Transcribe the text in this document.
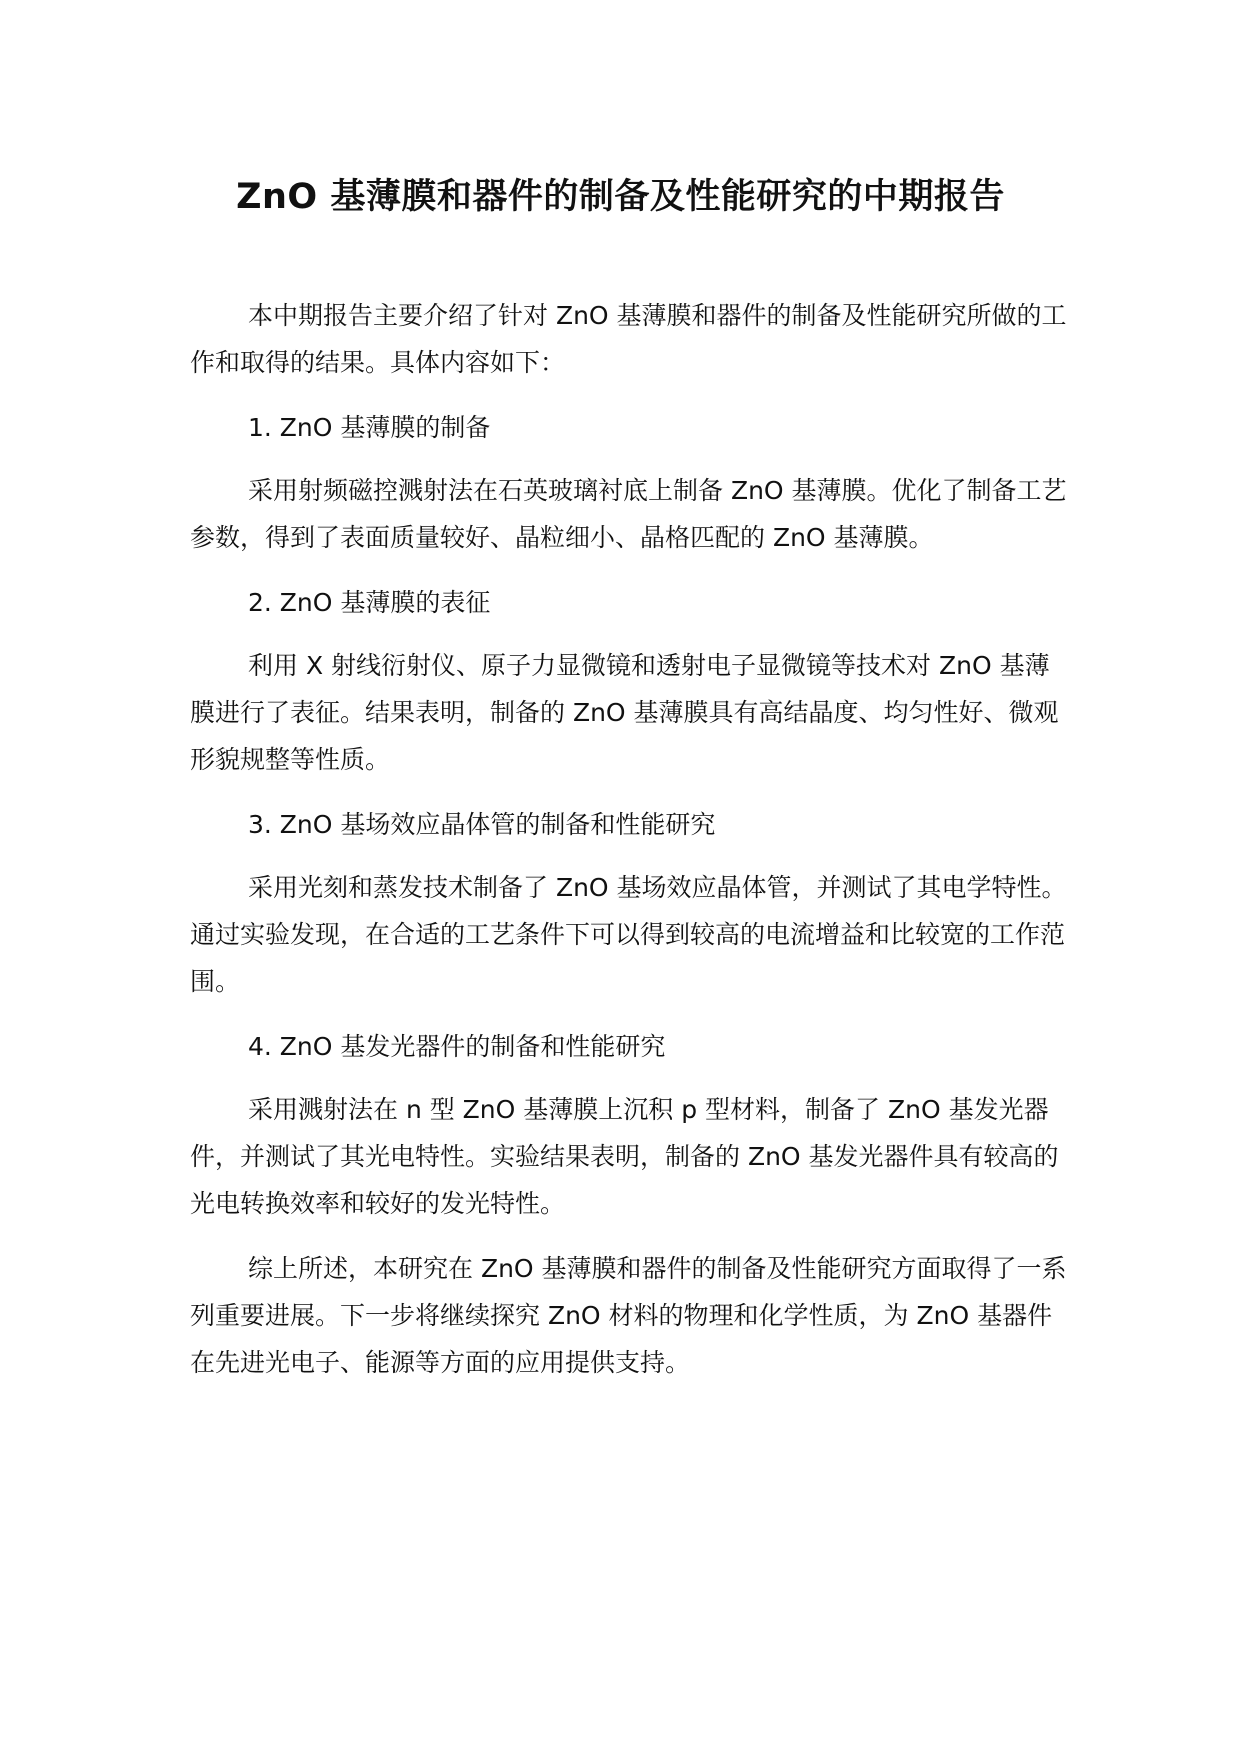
ZnO 基薄膜和器件的制备及性能研究的中期报告

本中期报告主要介绍了针对 ZnO 基薄膜和器件的制备及性能研究所做的工作和取得的结果。具体内容如下：

1. ZnO 基薄膜的制备

采用射频磁控溅射法在石英玻璃衬底上制备 ZnO 基薄膜。优化了制备工艺参数，得到了表面质量较好、晶粒细小、晶格匹配的 ZnO 基薄膜。

2. ZnO 基薄膜的表征

利用 X 射线衍射仪、原子力显微镜和透射电子显微镜等技术对 ZnO 基薄膜进行了表征。结果表明，制备的 ZnO 基薄膜具有高结晶度、均匀性好、微观形貌规整等性质。

3. ZnO 基场效应晶体管的制备和性能研究

采用光刻和蒸发技术制备了 ZnO 基场效应晶体管，并测试了其电学特性。通过实验发现，在合适的工艺条件下可以得到较高的电流增益和比较宽的工作范围。

4. ZnO 基发光器件的制备和性能研究

采用溅射法在 n 型 ZnO 基薄膜上沉积 p 型材料，制备了 ZnO 基发光器件，并测试了其光电特性。实验结果表明，制备的 ZnO 基发光器件具有较高的光电转换效率和较好的发光特性。

综上所述，本研究在 ZnO 基薄膜和器件的制备及性能研究方面取得了一系列重要进展。下一步将继续探究 ZnO 材料的物理和化学性质，为 ZnO 基器件在先进光电子、能源等方面的应用提供支持。
